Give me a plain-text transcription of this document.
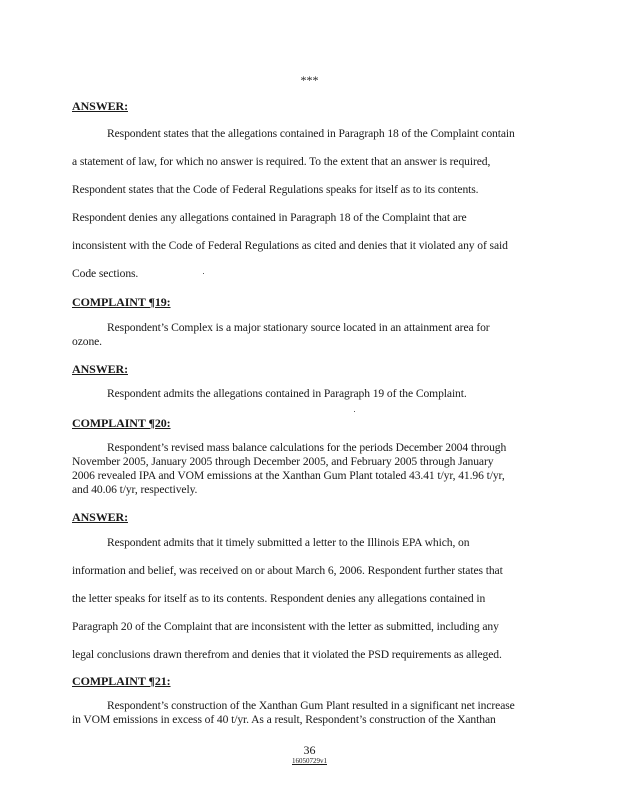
***
ANSWER:
Respondent states that the allegations contained in Paragraph 18 of the Complaint contain
a statement of law, for which no answer is required. To the extent that an answer is required,
Respondent states that the Code of Federal Regulations speaks for itself as to its contents.
Respondent denies any allegations contained in Paragraph 18 of the Complaint that are
inconsistent with the Code of Federal Regulations as cited and denies that it violated any of said
Code sections.
COMPLAINT ¶19:
Respondent’s Complex is a major stationary source located in an attainment area for
ozone.
ANSWER:
Respondent admits the allegations contained in Paragraph 19 of the Complaint.
COMPLAINT ¶20:
Respondent’s revised mass balance calculations for the periods December 2004 through
November 2005, January 2005 through December 2005, and February 2005 through January
2006 revealed IPA and VOM emissions at the Xanthan Gum Plant totaled 43.41 t/yr, 41.96 t/yr,
and 40.06 t/yr, respectively.
ANSWER:
Respondent admits that it timely submitted a letter to the Illinois EPA which, on
information and belief, was received on or about March 6, 2006. Respondent further states that
the letter speaks for itself as to its contents. Respondent denies any allegations contained in
Paragraph 20 of the Complaint that are inconsistent with the letter as submitted, including any
legal conclusions drawn therefrom and denies that it violated the PSD requirements as alleged.
COMPLAINT ¶21:
Respondent’s construction of the Xanthan Gum Plant resulted in a significant net increase
in VOM emissions in excess of 40 t/yr. As a result, Respondent’s construction of the Xanthan
36
16050729v1
